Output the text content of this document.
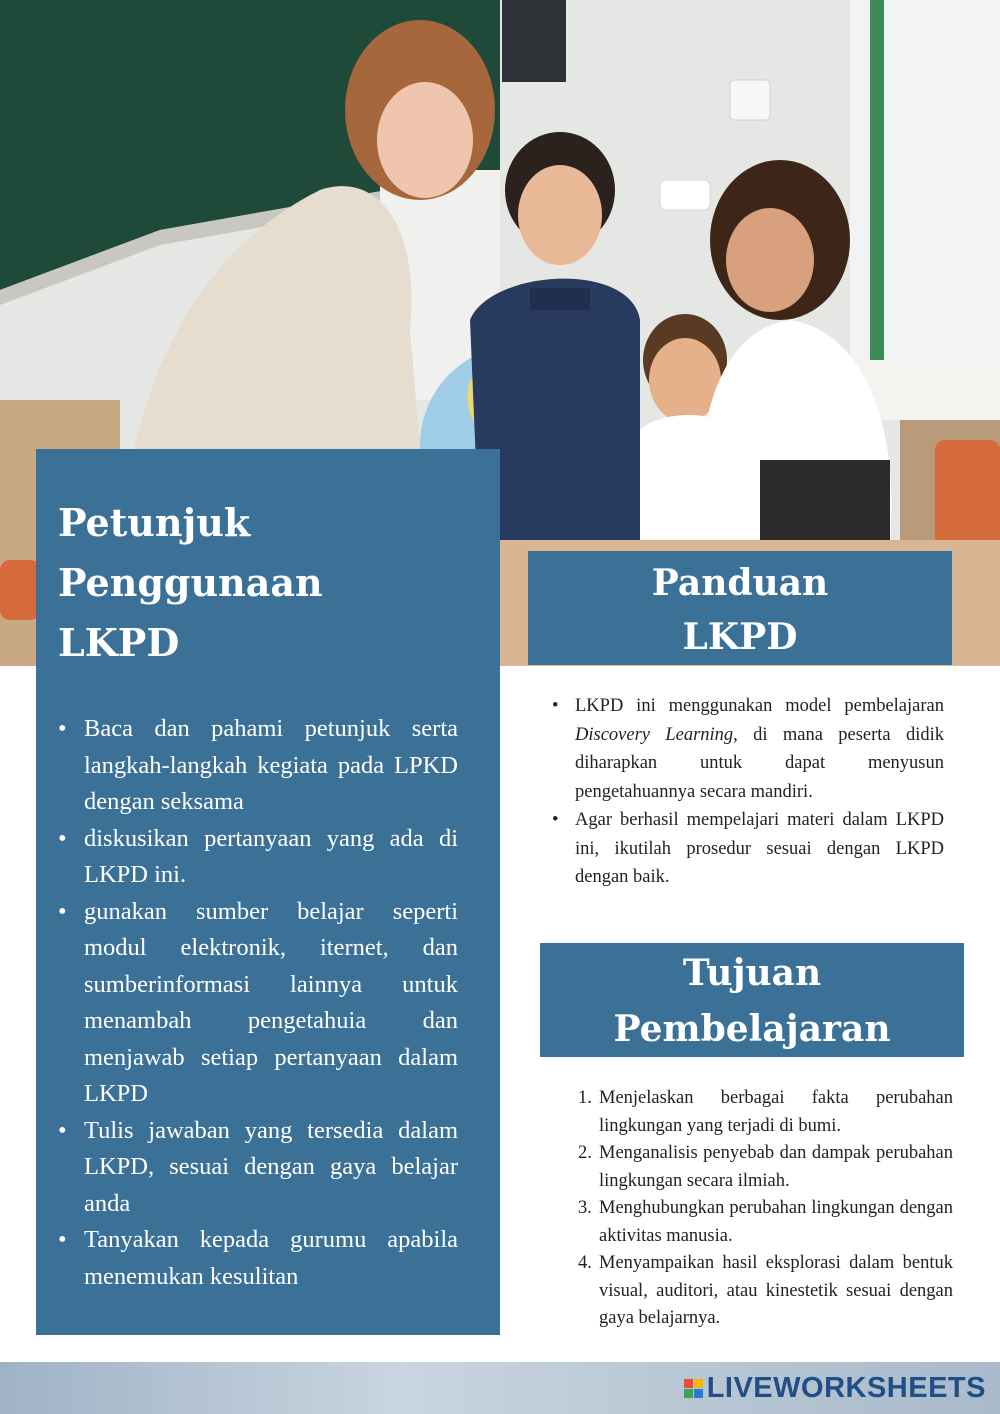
Petunjuk
Penggunaan
LKPD
• Baca dan pahami petunjuk serta langkah-langkah kegiata pada LPKD dengan seksama
• diskusikan pertanyaan yang ada di LKPD ini.
• gunakan sumber belajar seperti modul elektronik, iternet, dan sumberinformasi lainnya untuk menambah pengetahuia dan menjawab setiap pertanyaan dalam LKPD
• Tulis jawaban yang tersedia dalam LKPD, sesuai dengan gaya belajar anda
• Tanyakan kepada gurumu apabila menemukan kesulitan
Panduan
LKPD
• LKPD ini menggunakan model pembelajaran Discovery Learning, di mana peserta didik diharapkan untuk dapat menyusun pengetahuannya secara mandiri.
• Agar berhasil mempelajari materi dalam LKPD ini, ikutilah prosedur sesuai dengan LKPD dengan baik.
Tujuan
Pembelajaran
1. Menjelaskan berbagai fakta perubahan lingkungan yang terjadi di bumi.
2. Menganalisis penyebab dan dampak perubahan lingkungan secara ilmiah.
3. Menghubungkan perubahan lingkungan dengan aktivitas manusia.
4. Menyampaikan hasil eksplorasi dalam bentuk visual, auditori, atau kinestetik sesuai dengan gaya belajarnya.
LIVEWORKSHEETS
